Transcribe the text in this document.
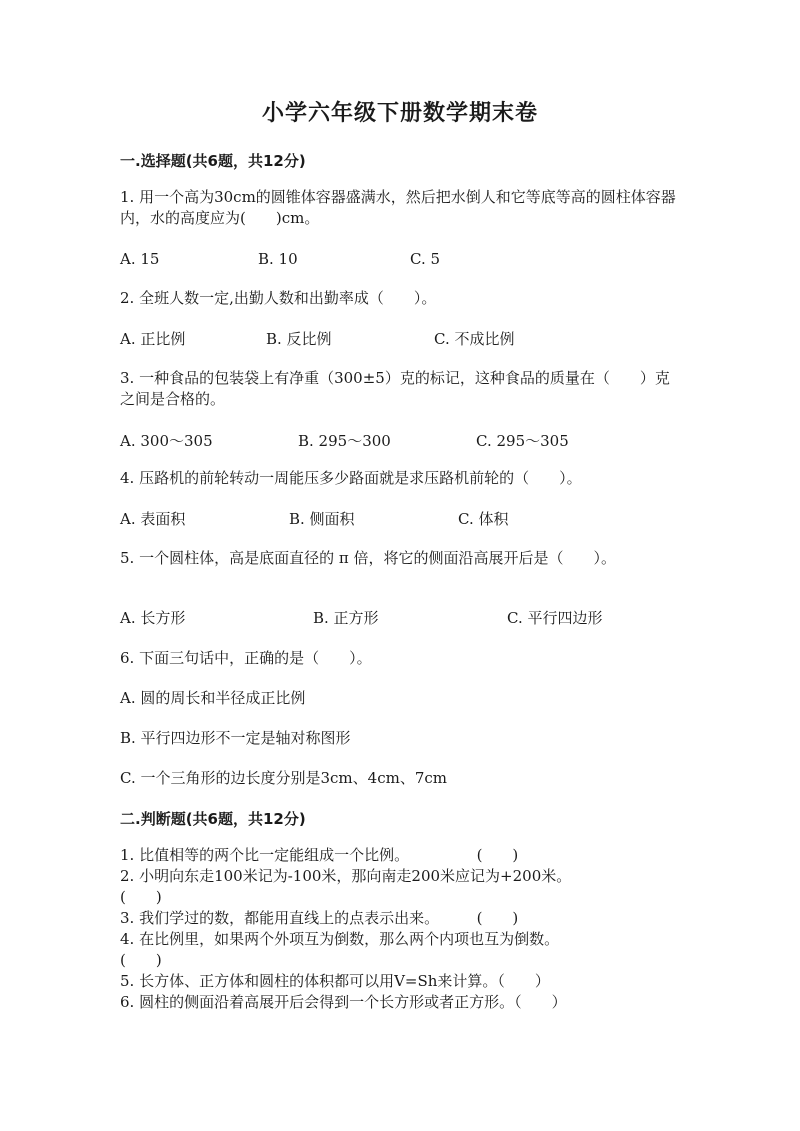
小学六年级下册数学期末卷
一.选择题(共6题，共12分)
1. 用一个高为30cm的圆锥体容器盛满水，然后把水倒人和它等底等高的圆柱体容器内，水的高度应为(　　)cm。
A. 15	B. 10	C. 5
2. 全班人数一定,出勤人数和出勤率成（　　）。
A. 正比例	B. 反比例	C. 不成比例
3. 一种食品的包装袋上有净重（300±5）克的标记，这种食品的质量在（　　）克之间是合格的。
A. 300～305	B. 295～300	C. 295～305
4. 压路机的前轮转动一周能压多少路面就是求压路机前轮的（　　）。
A. 表面积	B. 侧面积	C. 体积
5. 一个圆柱体，高是底面直径的 π 倍，将它的侧面沿高展开后是（　　）。
A. 长方形	B. 正方形	C. 平行四边形
6. 下面三句话中，正确的是（　　）。
A. 圆的周长和半径成正比例
B. 平行四边形不一定是轴对称图形
C. 一个三角形的边长度分别是3cm、4cm、7cm
二.判断题(共6题，共12分)
1. 比值相等的两个比一定能组成一个比例。　　　　　(　　)
2. 小明向东走100米记为-100米，那向南走200米应记为+200米。
(　　)
3. 我们学过的数，都能用直线上的点表示出来。　　　(　　)
4. 在比例里，如果两个外项互为倒数，那么两个内项也互为倒数。
(　　)
5. 长方体、正方体和圆柱的体积都可以用V=Sh来计算。（　　）
6. 圆柱的侧面沿着高展开后会得到一个长方形或者正方形。（　　）
